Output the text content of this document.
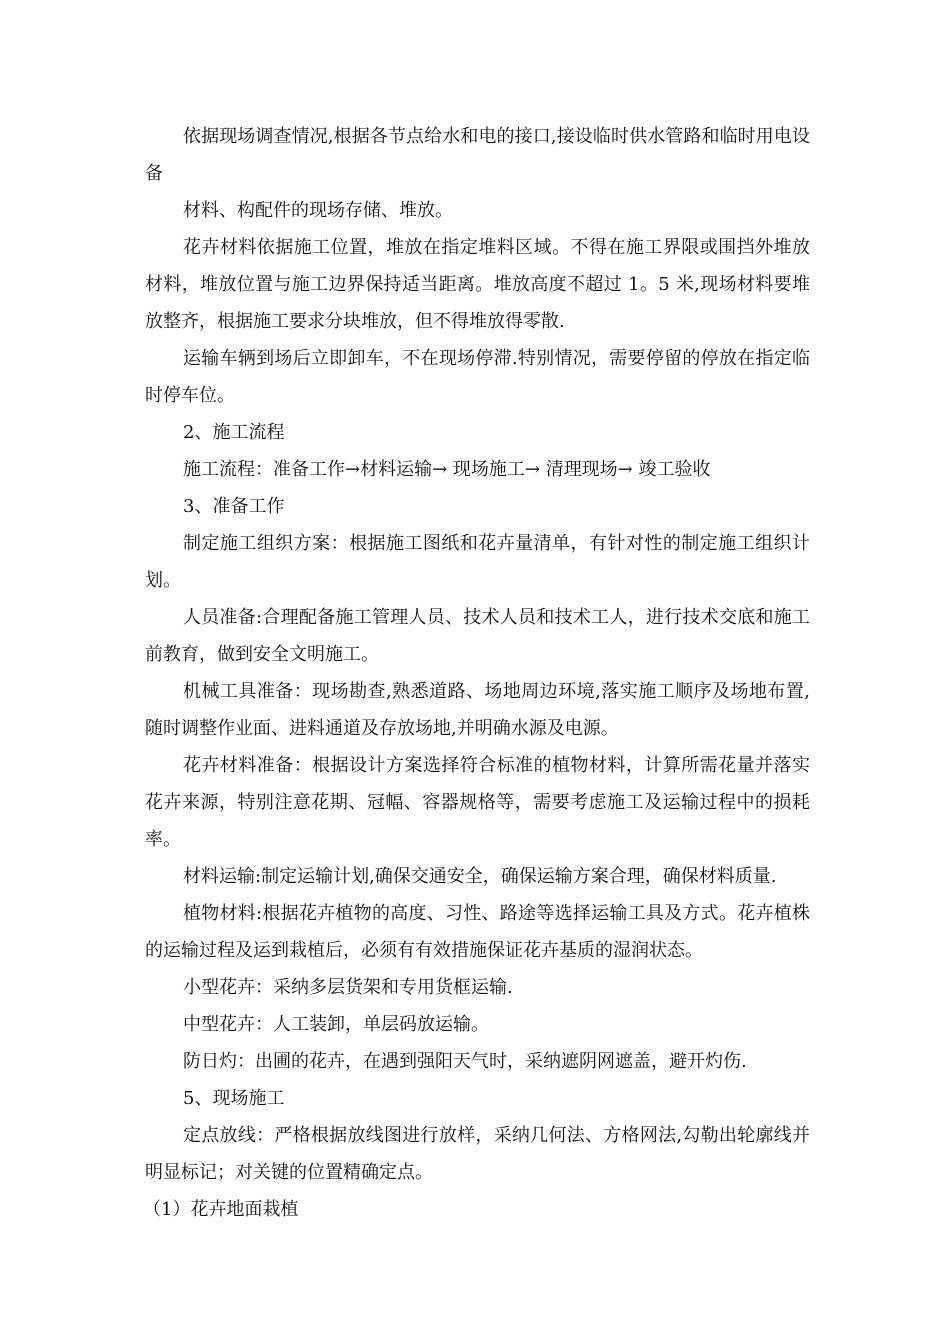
依据现场调查情况,根据各节点给水和电的接口,接设临时供水管路和临时用电设备

材料、构配件的现场存储、堆放。

花卉材料依据施工位置，堆放在指定堆料区域。不得在施工界限或围挡外堆放材料，堆放位置与施工边界保持适当距离。堆放高度不超过 1。5 米,现场材料要堆放整齐，根据施工要求分块堆放，但不得堆放得零散.

运输车辆到场后立即卸车，不在现场停滞.特别情况，需要停留的停放在指定临时停车位。

2、施工流程

施工流程：准备工作→材料运输→ 现场施工→ 清理现场→ 竣工验收

3、准备工作

制定施工组织方案：根据施工图纸和花卉量清单，有针对性的制定施工组织计划。

人员准备:合理配备施工管理人员、技术人员和技术工人，进行技术交底和施工前教育，做到安全文明施工。

机械工具准备：现场勘查,熟悉道路、场地周边环境,落实施工顺序及场地布置,随时调整作业面、进料通道及存放场地,并明确水源及电源。

花卉材料准备：根据设计方案选择符合标准的植物材料，计算所需花量并落实花卉来源，特别注意花期、冠幅、容器规格等，需要考虑施工及运输过程中的损耗率。

材料运输:制定运输计划,确保交通安全，确保运输方案合理，确保材料质量.

植物材料:根据花卉植物的高度、习性、路途等选择运输工具及方式。花卉植株的运输过程及运到栽植后，必须有有效措施保证花卉基质的湿润状态。

小型花卉：采纳多层货架和专用货框运输.

中型花卉：人工装卸，单层码放运输。

防日灼：出圃的花卉，在遇到强阳天气时，采纳遮阴网遮盖，避开灼伤.

5、现场施工

定点放线：严格根据放线图进行放样，采纳几何法、方格网法,勾勒出轮廓线并明显标记；对关键的位置精确定点。

（1）花卉地面栽植
